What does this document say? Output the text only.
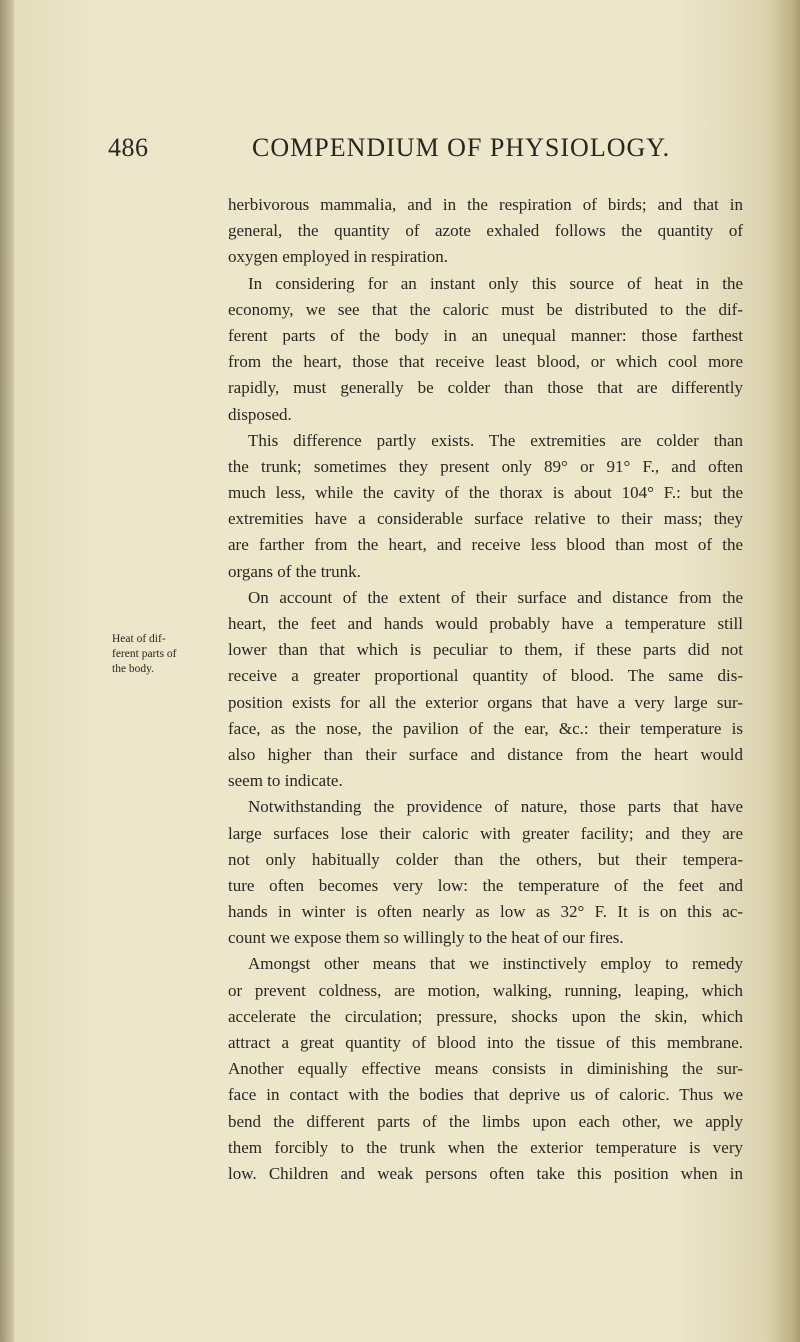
486	COMPENDIUM OF PHYSIOLOGY.
Heat of dif-
ferent parts of
the body.
herbivorous mammalia, and in the respiration of birds; and that in
general, the quantity of azote exhaled follows the quantity of
oxygen employed in respiration.
In considering for an instant only this source of heat in the
economy, we see that the caloric must be distributed to the dif-
ferent parts of the body in an unequal manner: those farthest
from the heart, those that receive least blood, or which cool more
rapidly, must generally be colder than those that are differently
disposed.
This difference partly exists. The extremities are colder than
the trunk; sometimes they present only 89° or 91° F., and often
much less, while the cavity of the thorax is about 104° F.: but the
extremities have a considerable surface relative to their mass; they
are farther from the heart, and receive less blood than most of the
organs of the trunk.
On account of the extent of their surface and distance from the
heart, the feet and hands would probably have a temperature still
lower than that which is peculiar to them, if these parts did not
receive a greater proportional quantity of blood. The same dis-
position exists for all the exterior organs that have a very large sur-
face, as the nose, the pavilion of the ear, &c.: their temperature is
also higher than their surface and distance from the heart would
seem to indicate.
Notwithstanding the providence of nature, those parts that have
large surfaces lose their caloric with greater facility; and they are
not only habitually colder than the others, but their tempera-
ture often becomes very low: the temperature of the feet and
hands in winter is often nearly as low as 32° F. It is on this ac-
count we expose them so willingly to the heat of our fires.
Amongst other means that we instinctively employ to remedy
or prevent coldness, are motion, walking, running, leaping, which
accelerate the circulation; pressure, shocks upon the skin, which
attract a great quantity of blood into the tissue of this membrane.
Another equally effective means consists in diminishing the sur-
face in contact with the bodies that deprive us of caloric. Thus we
bend the different parts of the limbs upon each other, we apply
them forcibly to the trunk when the exterior temperature is very
low. Children and weak persons often take this position when in
